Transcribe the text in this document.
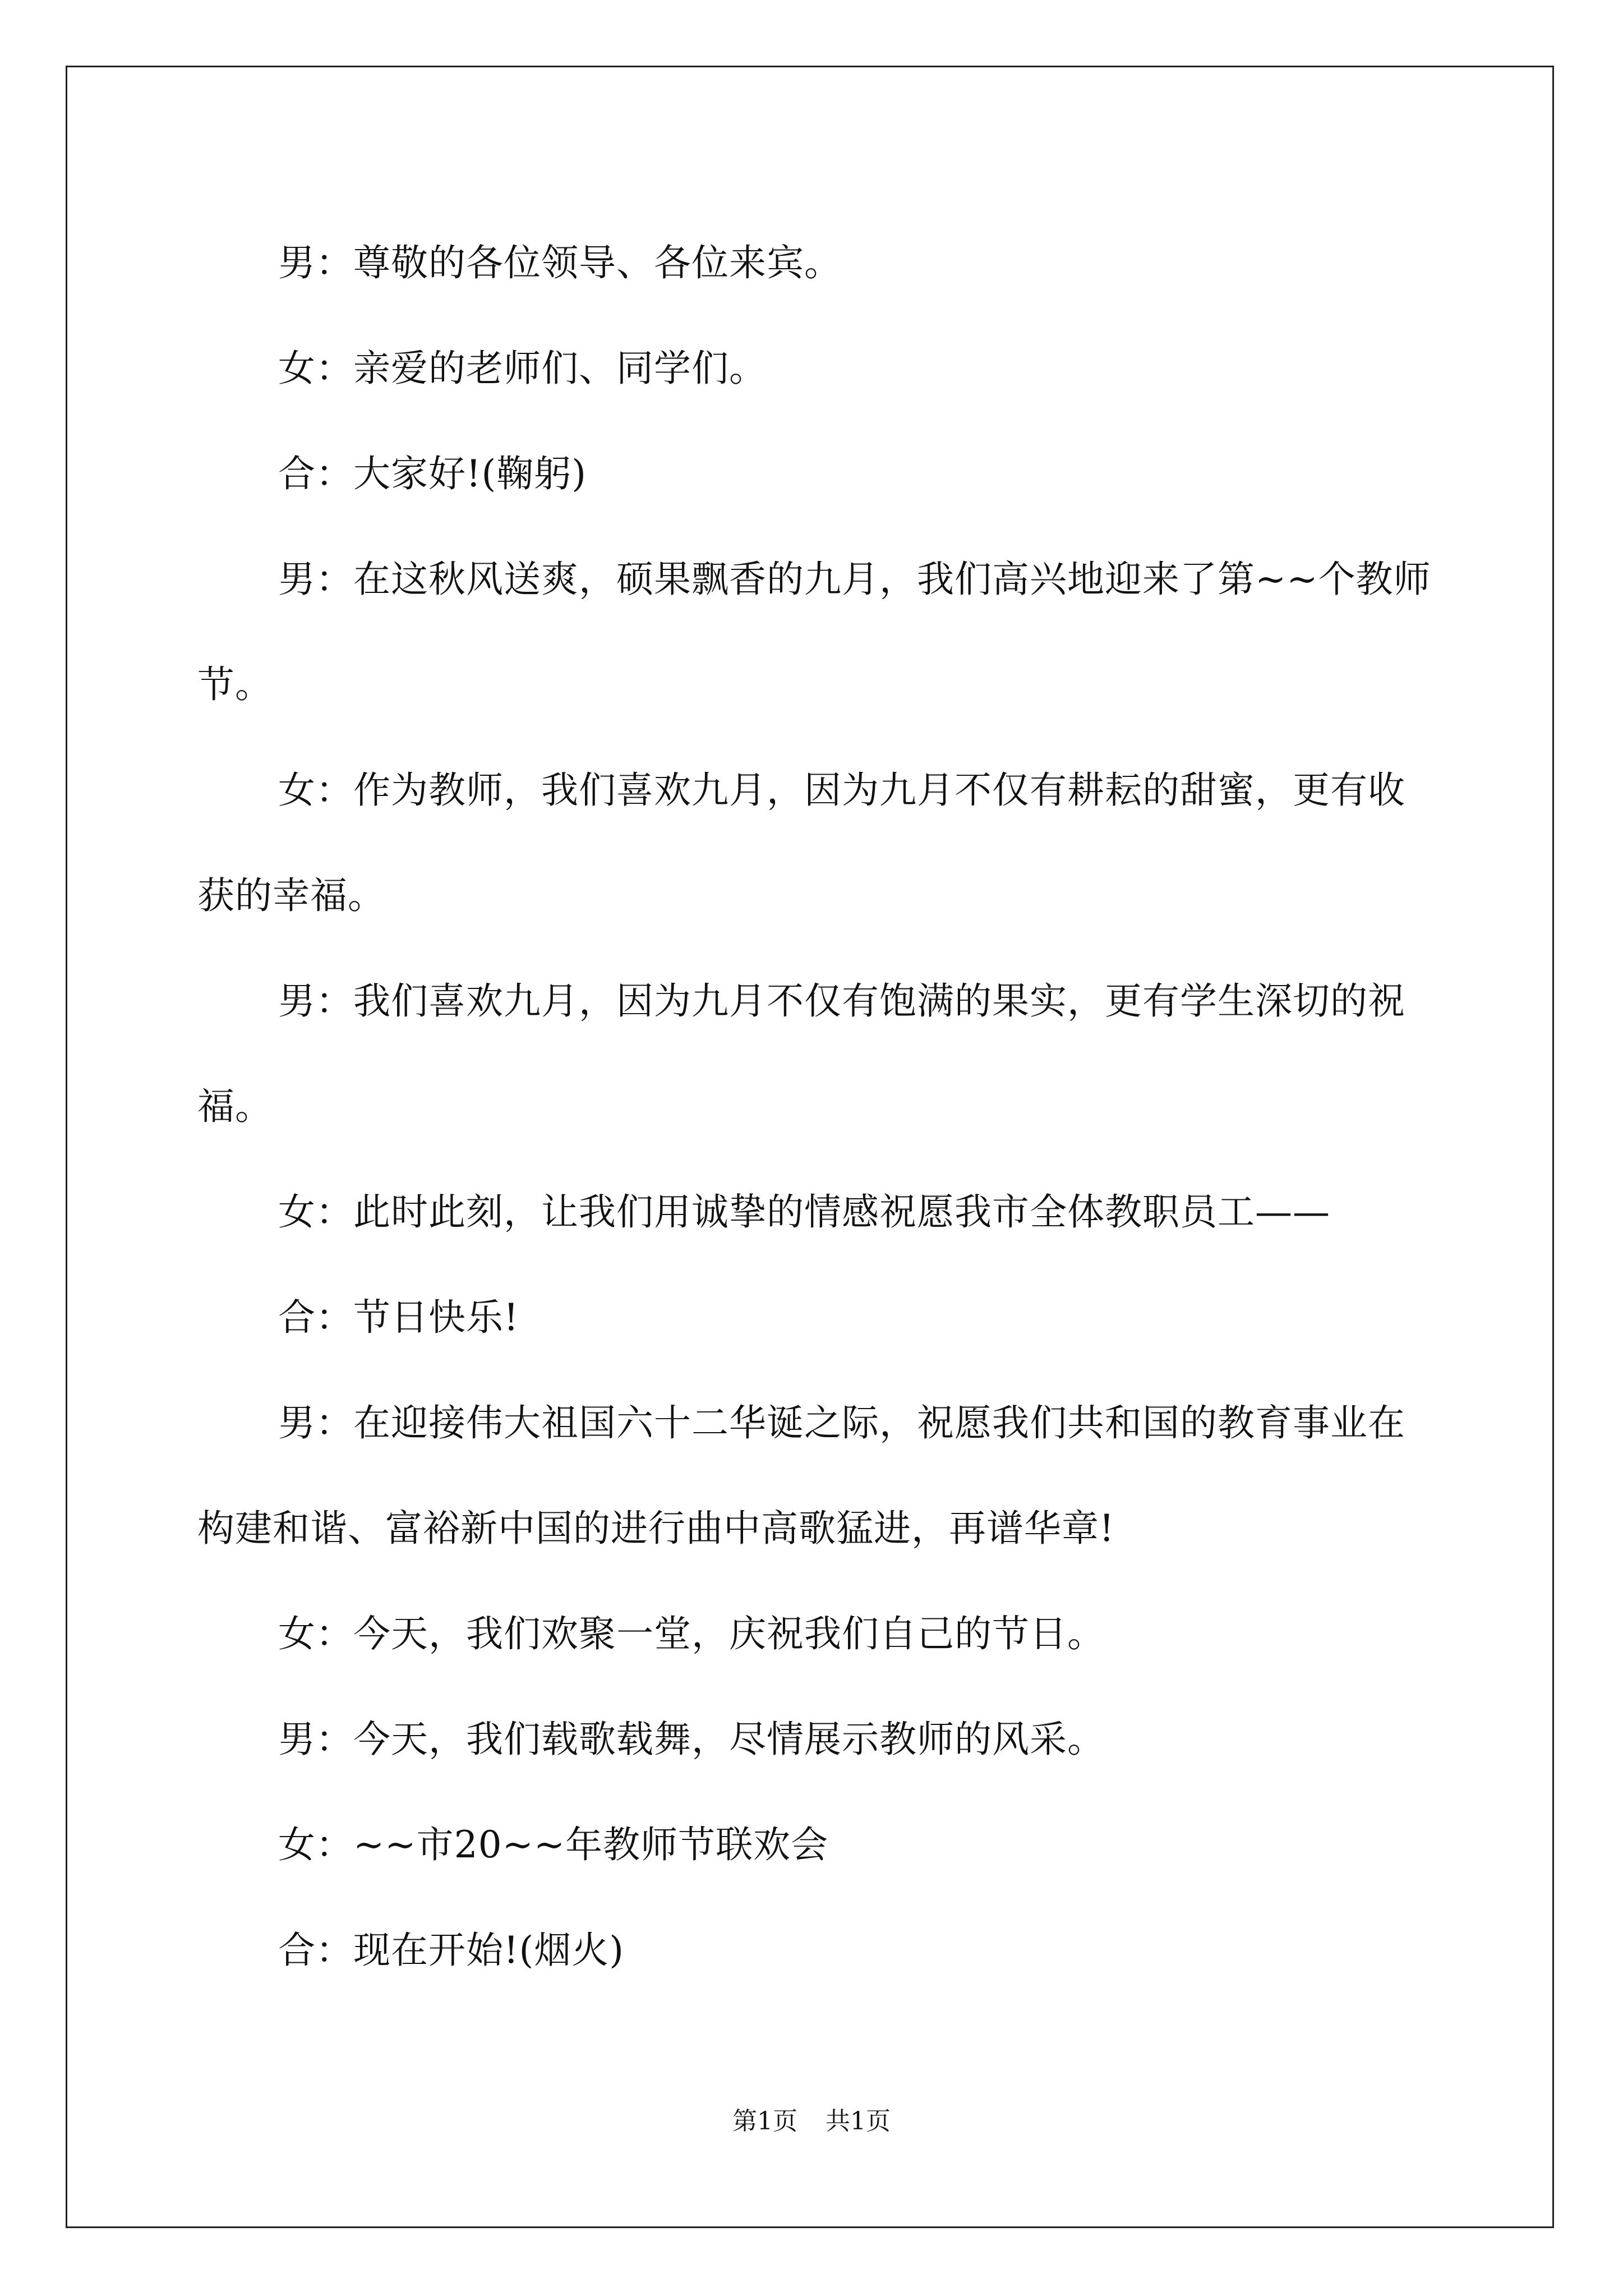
男：尊敬的各位领导、各位来宾。

女：亲爱的老师们、同学们。

合：大家好!(鞠躬)

男：在这秋风送爽，硕果飘香的九月，我们高兴地迎来了第~~个教师节。

女：作为教师，我们喜欢九月，因为九月不仅有耕耘的甜蜜，更有收获的幸福。

男：我们喜欢九月，因为九月不仅有饱满的果实，更有学生深切的祝福。

女：此时此刻，让我们用诚挚的情感祝愿我市全体教职员工——

合：节日快乐!

男：在迎接伟大祖国六十二华诞之际，祝愿我们共和国的教育事业在构建和谐、富裕新中国的进行曲中高歌猛进，再谱华章!

女：今天，我们欢聚一堂，庆祝我们自己的节日。

男：今天，我们载歌载舞，尽情展示教师的风采。

女：~~市20~~年教师节联欢会

合：现在开始!(烟火)

第1页 共1页
